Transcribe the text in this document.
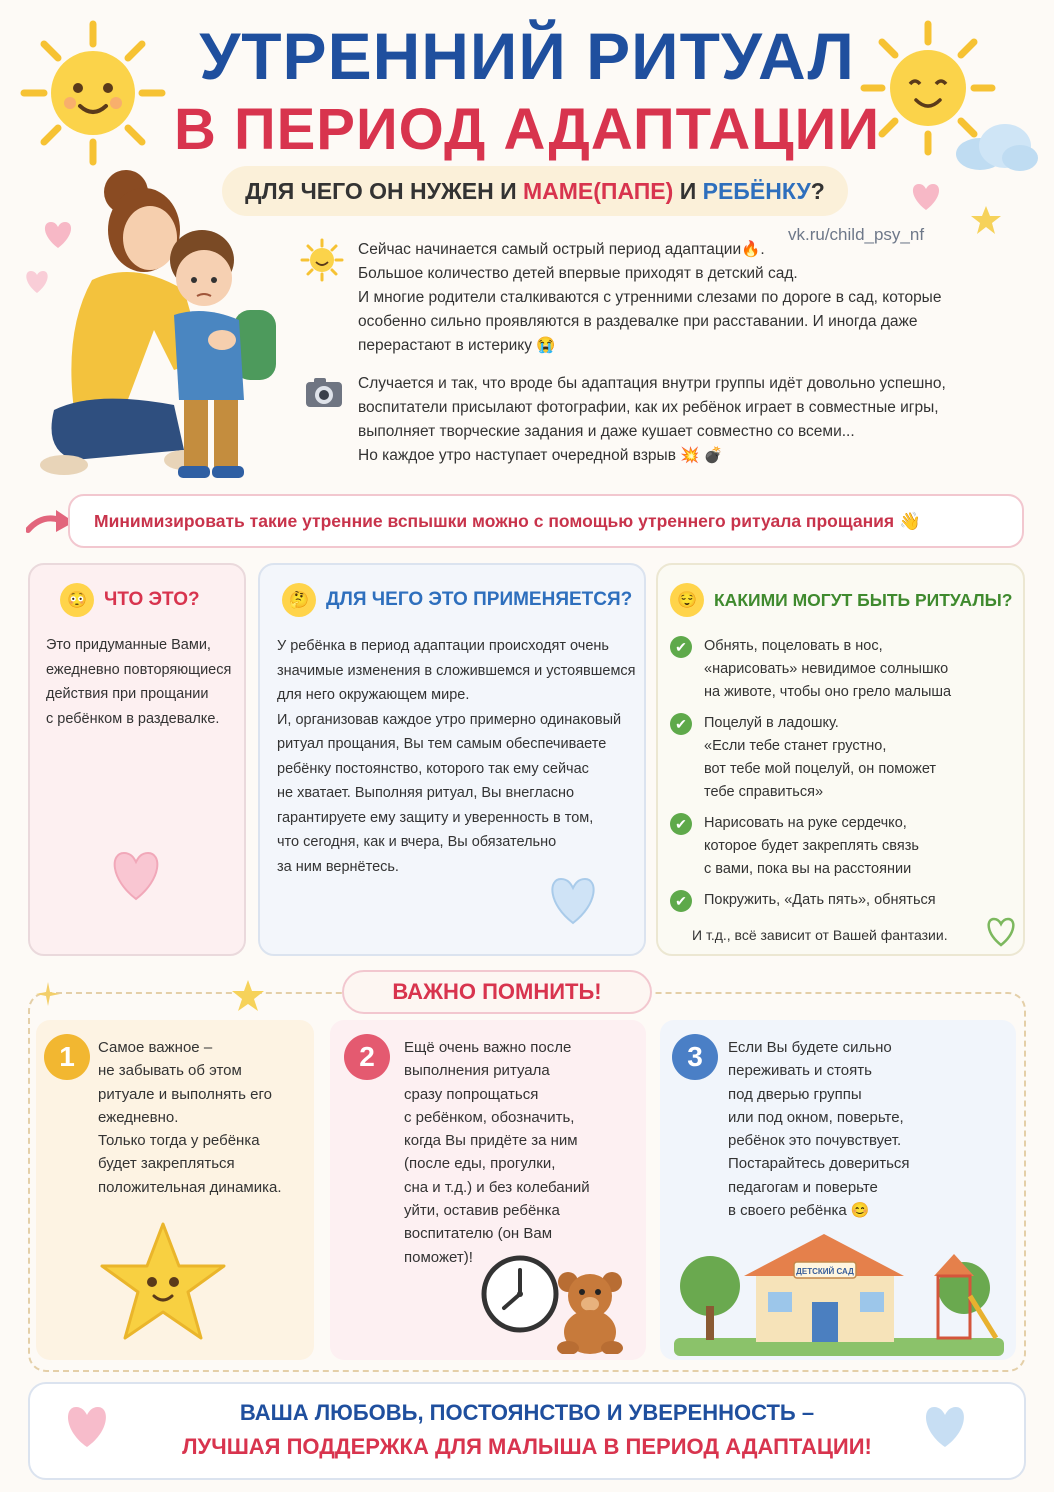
УТРЕННИЙ РИТУАЛ
В ПЕРИОД АДАПТАЦИИ
ДЛЯ ЧЕГО ОН НУЖЕН И МАМЕ(ПАПЕ) И РЕБЁНКУ ?
vk.ru/child_psy_nf

Сейчас начинается самый острый период адаптации🔥.

Большое количество детей впервые приходят в детский сад.

И многие родители сталкиваются с утренними слезами по дороге в сад, которые

особенно сильно проявляются в раздевалке при расставании. И иногда даже

перерастают в истерику 😭

Случается и так, что вроде бы адаптация внутри группы идёт довольно успешно,

воспитатели присылают фотографии, как их ребёнок играет в совместные игры,

выполняет творческие задания и даже кушает совместно со всеми...

Но каждое утро наступает очередной взрыв 💥 💣

Минимизировать такие утренние вспышки можно с помощью утреннего ритуала прощания 👋
😳 ЧТО ЭТО?
Это придуманные Вами,
ежедневно повторяющиеся
действия при прощании
с ребёнком в раздевалке.
🤔 ДЛЯ ЧЕГО ЭТО ПРИМЕНЯЕТСЯ?
У ребёнка в период адаптации происходят очень
значимые изменения в сложившемся и устоявшемся
для него окружающем мире.
И, организовав каждое утро примерно одинаковый
ритуал прощания, Вы тем самым обеспечиваете
ребёнку постоянство, которого так ему сейчас
не хватает. Выполняя ритуал, Вы внегласно
гарантируете ему защиту и уверенность в том,
что сегодня, как и вчера, Вы обязательно
за ним вернётесь.
😌 КАКИМИ МОГУТ БЫТЬ РИТУАЛЫ?
✔	Обнять, поцеловать в нос,
«нарисовать» невидимое солнышко
на животе, чтобы оно грело малыша
✔	Поцелуй в ладошку.
«Если тебе станет грустно,
вот тебе мой поцелуй, он поможет
тебе справиться»
✔	Нарисовать на руке сердечко,
которое будет закреплять связь
с вами, пока вы на расстоянии
✔	Покружить, «Дать пять», обняться
И т.д., всё зависит от Вашей фантазии.
ВАЖНО ПОМНИТЬ!
1	Самое важное –
не забывать об этом
ритуале и выполнять его
ежедневно.
Только тогда у ребёнка
будет закрепляться
положительная динамика.
2	Ещё очень важно после
выполнения ритуала
сразу попрощаться
с ребёнком, обозначить,
когда Вы придёте за ним
(после еды, прогулки,
сна и т.д.) и без колебаний
уйти, оставив ребёнка
воспитателю (он Вам
поможет)!
3	Если Вы будете сильно
переживать и стоять
под дверью группы
или под окном, поверьте,
ребёнок это почувствует.
Постарайтесь довериться
педагогам и поверьте
в своего ребёнка 😊
ДЕТСКИЙ САД
ВАША ЛЮБОВЬ, ПОСТОЯНСТВО И УВЕРЕННОСТЬ –
ЛУЧШАЯ ПОДДЕРЖКА ДЛЯ МАЛЫША В ПЕРИОД АДАПТАЦИИ!
